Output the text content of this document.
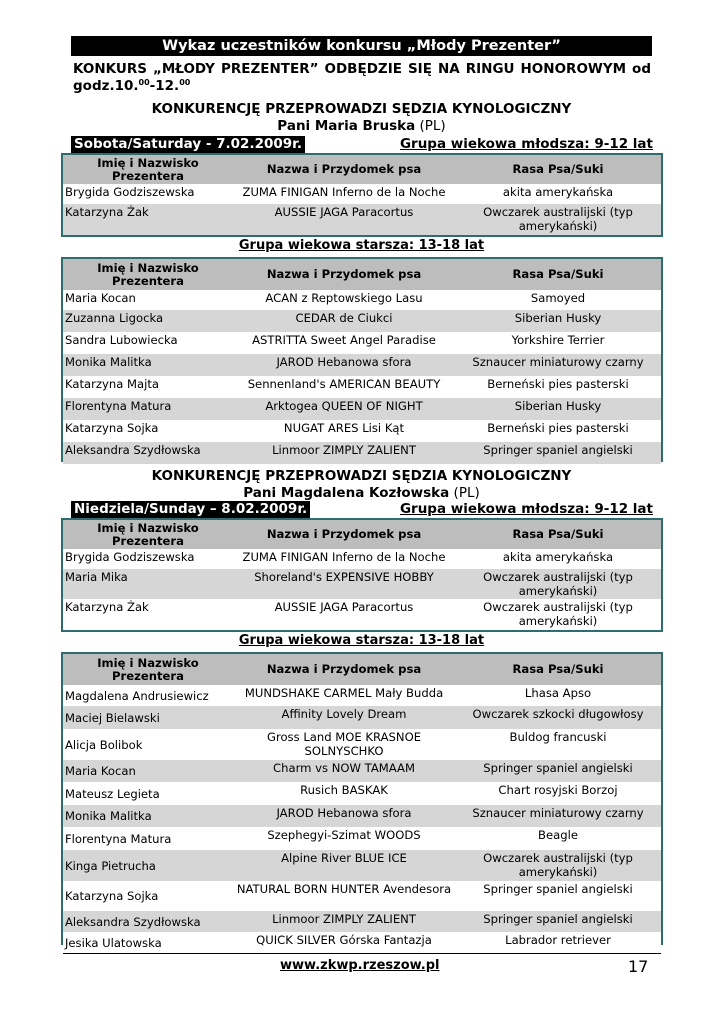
Wykaz uczestników konkursu „Młody Prezenter”
KONKURS „MŁODY PREZENTER” ODBĘDZIE SIĘ NA RINGU HONOROWYM od godz.10.00-12.00
KONKURENCJĘ PRZEPROWADZI SĘDZIA KYNOLOGICZNY
Pani Maria Bruska (PL)
Sobota/Saturday - 7.02.2009r.	Grupa wiekowa młodsza: 9-12 lat
Imię i Nazwisko Prezentera	Nazwa i Przydomek psa	Rasa Psa/Suki
Brygida Godziszewska	ZUMA FINIGAN Inferno de la Noche	akita amerykańska
Katarzyna Żak	AUSSIE JAGA Paracortus	Owczarek australijski (typ amerykański)
Grupa wiekowa starsza: 13-18 lat
Imię i Nazwisko Prezentera	Nazwa i Przydomek psa	Rasa Psa/Suki
Maria Kocan	ACAN z Reptowskiego Lasu	Samoyed
Zuzanna Ligocka	CEDAR de Ciukci	Siberian Husky
Sandra Lubowiecka	ASTRITTA Sweet Angel Paradise	Yorkshire Terrier
Monika Malitka	JAROD Hebanowa sfora	Sznaucer miniaturowy czarny
Katarzyna Majta	Sennenland's AMERICAN BEAUTY	Berneński pies pasterski
Florentyna Matura	Arktogea QUEEN OF NIGHT	Siberian Husky
Katarzyna Sojka	NUGAT ARES Lisi Kąt	Berneński pies pasterski
Aleksandra Szydłowska	Linmoor ZIMPLY ZALIENT	Springer spaniel angielski
KONKURENCJĘ PRZEPROWADZI SĘDZIA KYNOLOGICZNY
Pani Magdalena Kozłowska (PL)
Niedziela/Sunday – 8.02.2009r.	Grupa wiekowa młodsza: 9-12 lat
Imię i Nazwisko Prezentera	Nazwa i Przydomek psa	Rasa Psa/Suki
Brygida Godziszewska	ZUMA FINIGAN Inferno de la Noche	akita amerykańska
Maria Mika	Shoreland's EXPENSIVE HOBBY	Owczarek australijski (typ amerykański)
Katarzyna Żak	AUSSIE JAGA Paracortus	Owczarek australijski (typ amerykański)
Grupa wiekowa starsza: 13-18 lat
Imię i Nazwisko Prezentera	Nazwa i Przydomek psa	Rasa Psa/Suki
Magdalena Andrusiewicz	MUNDSHAKE CARMEL Mały Budda	Lhasa Apso
Maciej Bielawski	Affinity Lovely Dream	Owczarek szkocki długowłosy
Alicja Bolibok	Gross Land MOE KRASNOE SOLNYSCHKO	Buldog francuski
Maria Kocan	Charm vs NOW TAMAAM	Springer spaniel angielski
Mateusz Legieta	Rusich BASKAK	Chart rosyjski Borzoj
Monika Malitka	JAROD Hebanowa sfora	Sznaucer miniaturowy czarny
Florentyna Matura	Szephegyi-Szimat WOODS	Beagle
Kinga Pietrucha	Alpine River BLUE ICE	Owczarek australijski (typ amerykański)
Katarzyna Sojka	NATURAL BORN HUNTER Avendesora	Springer spaniel angielski
Aleksandra Szydłowska	Linmoor ZIMPLY ZALIENT	Springer spaniel angielski
Jesika Ulatowska	QUICK SILVER Górska Fantazja	Labrador retriever
www.zkwp.rzeszow.pl	17
